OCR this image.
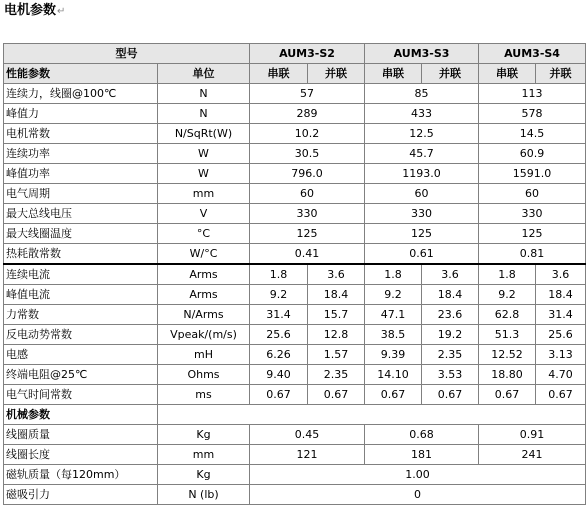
电机参数↵
型号		AUM3-S2		AUM3-S3		AUM3-S4	
性能参数	单位	串联	并联	串联	并联	串联	并联
连续力，线圈@100℃	N	57		85		113	
峰值力	N	289		433		578	
电机常数	N/SqRt(W)	10.2		12.5		14.5	
连续功率	W	30.5		45.7		60.9	
峰值功率	W	796.0		1193.0		1591.0	
电气周期	mm	60		60		60	
最大总线电压	V	330		330		330	
最大线圈温度	°C	125		125		125	
热耗散常数	W/°C	0.41		0.61		0.81	
连续电流	Arms	1.8	3.6	1.8	3.6	1.8	3.6
峰值电流	Arms	9.2	18.4	9.2	18.4	9.2	18.4
力常数	N/Arms	31.4	15.7	47.1	23.6	62.8	31.4
反电动势常数	Vpeak/(m/s)	25.6	12.8	38.5	19.2	51.3	25.6
电感	mH	6.26	1.57	9.39	2.35	12.52	3.13
终端电阻@25℃	Ohms	9.40	2.35	14.10	3.53	18.80	4.70
电气时间常数	ms	0.67	0.67	0.67	0.67	0.67	0.67
机械参数							
线圈质量	Kg	0.45		0.68		0.91	
线圈长度	mm	121		181		241	
磁轨质量（每120mm）	Kg	1.00					
磁吸引力	N (lb)	0					
